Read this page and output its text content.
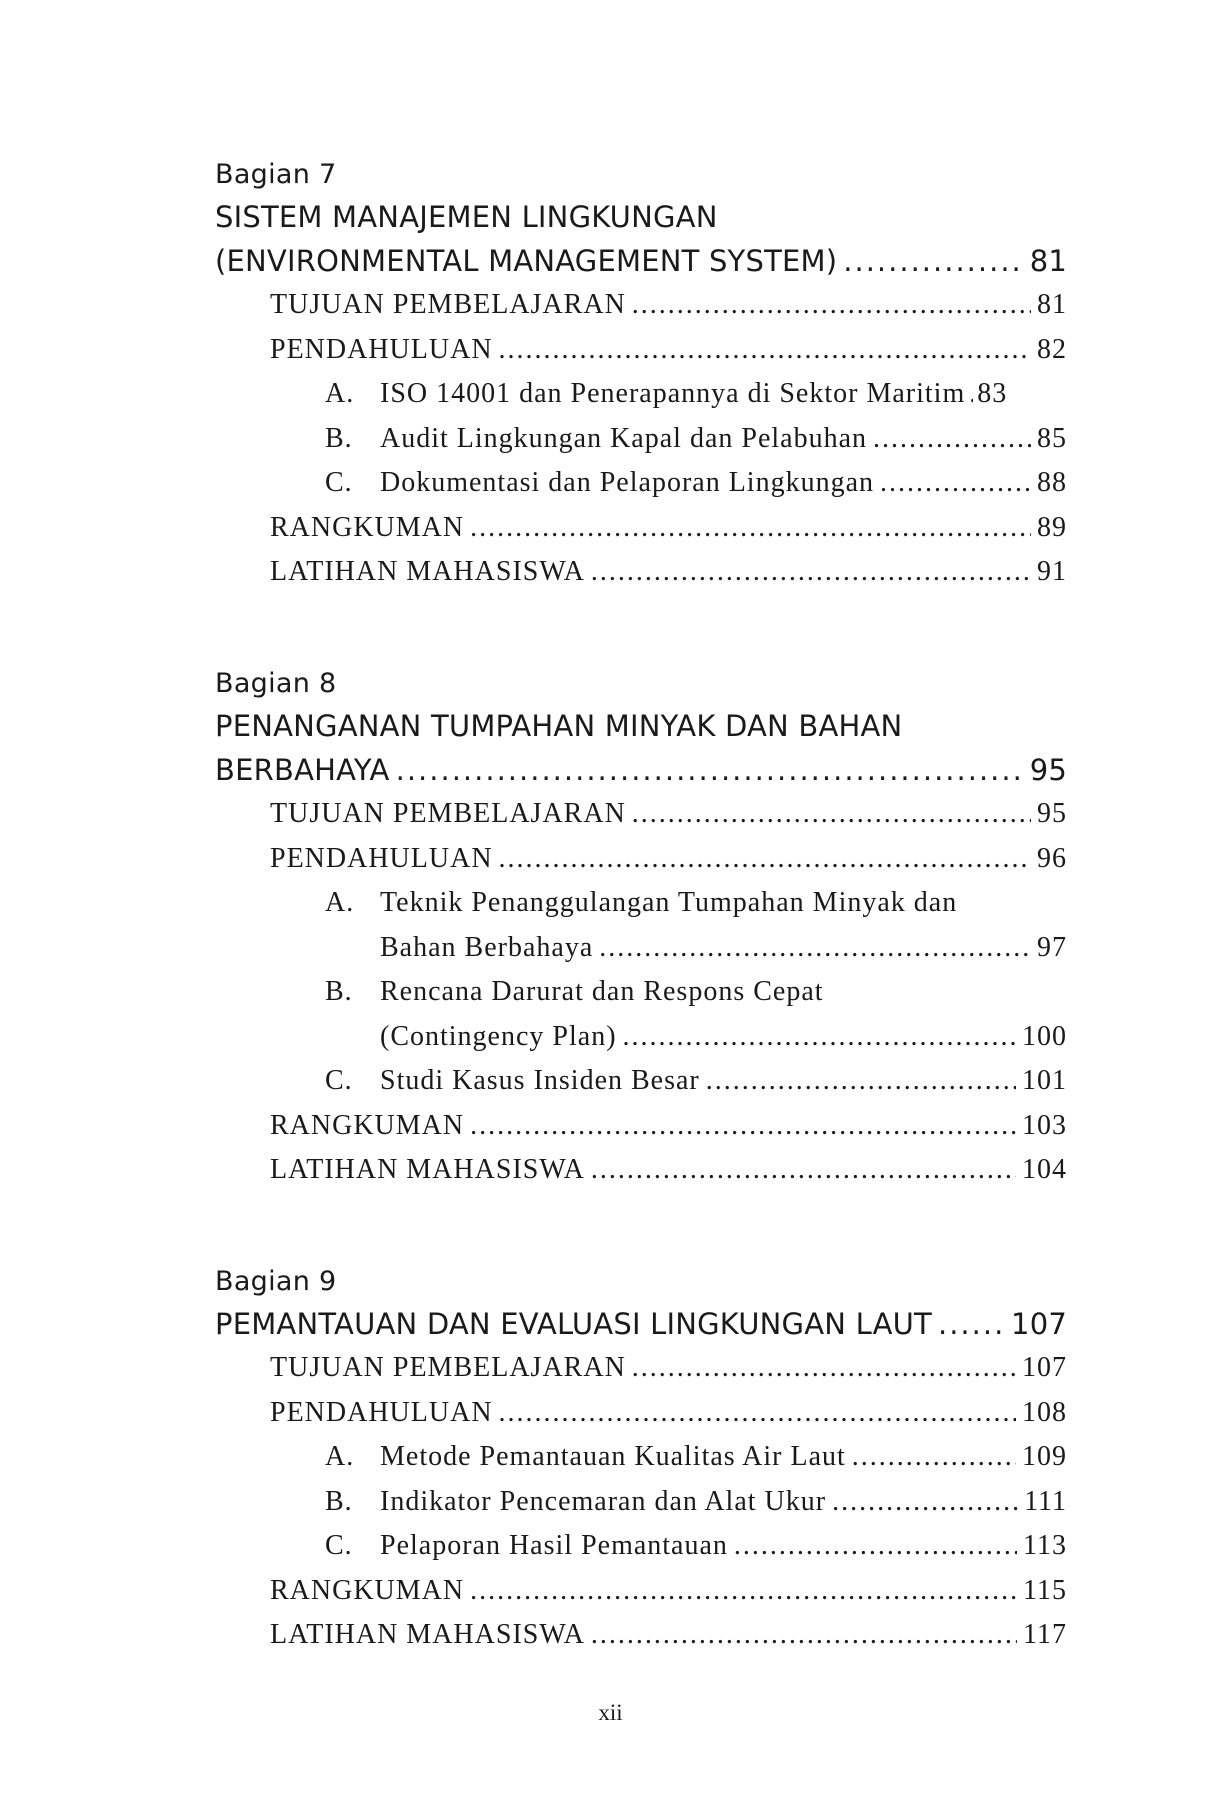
Bagian 7
SISTEM MANAJEMEN LINGKUNGAN
(ENVIRONMENTAL MANAGEMENT SYSTEM) .....	81
TUJUAN PEMBELAJARAN .....	81
PENDAHULUAN .....	82
A. ISO 14001 dan Penerapannya di Sektor Maritim ..... 83
B. Audit Lingkungan Kapal dan Pelabuhan .....	85
C. Dokumentasi dan Pelaporan Lingkungan .....	88
RANGKUMAN .....	89
LATIHAN MAHASISWA .....	91
Bagian 8
PENANGANAN TUMPAHAN MINYAK DAN BAHAN
BERBAHAYA .....	95
TUJUAN PEMBELAJARAN .....	95
PENDAHULUAN .....	96
A. Teknik Penanggulangan Tumpahan Minyak dan
Bahan Berbahaya .....	97
B. Rencana Darurat dan Respons Cepat
(Contingency Plan) .....	100
C. Studi Kasus Insiden Besar .....	101
RANGKUMAN .....	103
LATIHAN MAHASISWA .....	104
Bagian 9
PEMANTAUAN DAN EVALUASI LINGKUNGAN LAUT .....	107
TUJUAN PEMBELAJARAN .....	107
PENDAHULUAN .....	108
A. Metode Pemantauan Kualitas Air Laut .....	109
B. Indikator Pencemaran dan Alat Ukur .....	111
C. Pelaporan Hasil Pemantauan .....	113
RANGKUMAN .....	115
LATIHAN MAHASISWA .....	117
xii
